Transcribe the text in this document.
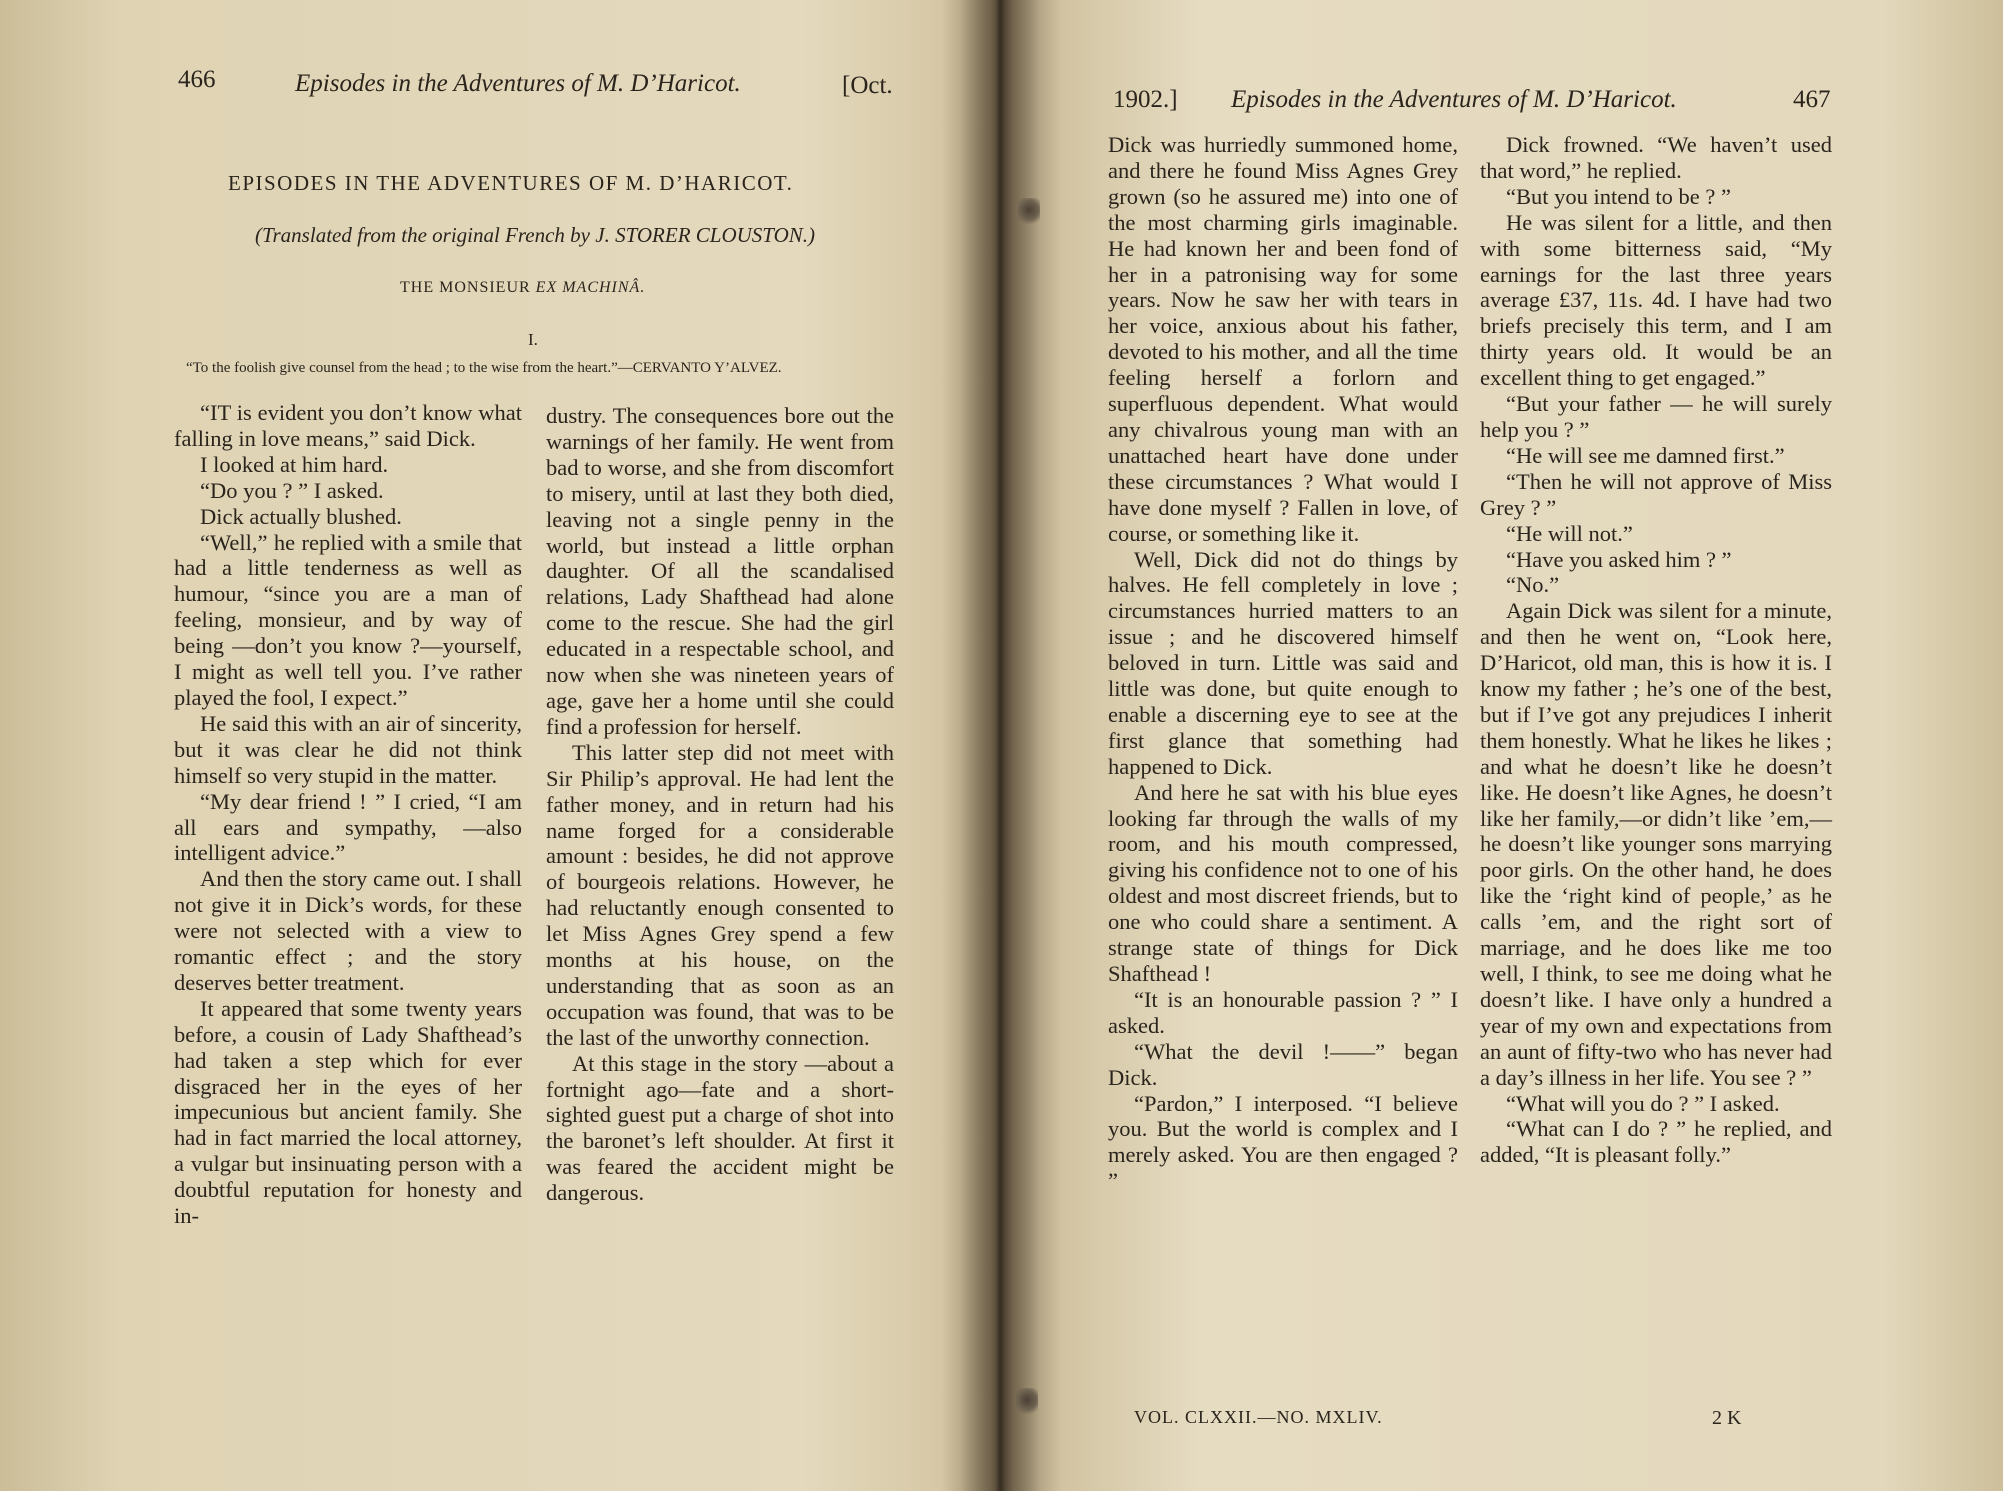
466	Episodes in the Adventures of M. D’Haricot.	[Oct.
EPISODES IN THE ADVENTURES OF M. D’HARICOT.
(Translated from the original French by J. STORER CLOUSTON.)
THE MONSIEUR EX MACHINÂ.
I.
“To the foolish give counsel from the head ; to the wise from the heart.”—CERVANTO Y’ALVEZ.

“IT is evident you don’t know what falling in love means,” said Dick.

I looked at him hard.

“Do you ? ” I asked.

Dick actually blushed.

“Well,” he replied with a smile that had a little tenderness as well as humour, “since you are a man of feeling, monsieur, and by way of being —don’t you know ?—yourself, I might as well tell you. I’ve rather played the fool, I expect.”

He said this with an air of sincerity, but it was clear he did not think himself so very stupid in the matter.

“My dear friend ! ” I cried, “I am all ears and sympathy, —also intelligent advice.”

And then the story came out. I shall not give it in Dick’s words, for these were not selected with a view to romantic effect ; and the story deserves better treatment.

It appeared that some twenty years before, a cousin of Lady Shafthead’s had taken a step which for ever disgraced her in the eyes of her impecunious but ancient family. She had in fact married the local attorney, a vulgar but insinuating person with a doubtful reputation for honesty and in-

dustry. The consequences bore out the warnings of her family. He went from bad to worse, and she from discomfort to misery, until at last they both died, leaving not a single penny in the world, but instead a little orphan daughter. Of all the scandalised relations, Lady Shafthead had alone come to the rescue. She had the girl educated in a respectable school, and now when she was nineteen years of age, gave her a home until she could find a profession for herself.

This latter step did not meet with Sir Philip’s approval. He had lent the father money, and in return had his name forged for a considerable amount : besides, he did not approve of bourgeois relations. However, he had reluctantly enough consented to let Miss Agnes Grey spend a few months at his house, on the understanding that as soon as an occupation was found, that was to be the last of the unworthy connection.

At this stage in the story —about a fortnight ago—fate and a short-sighted guest put a charge of shot into the baronet’s left shoulder. At first it was feared the accident might be dangerous.

1902.] Episodes in the Adventures of M. D’Haricot.	467

Dick was hurriedly summoned home, and there he found Miss Agnes Grey grown (so he assured me) into one of the most charming girls imaginable. He had known her and been fond of her in a patronising way for some years. Now he saw her with tears in her voice, anxious about his father, devoted to his mother, and all the time feeling herself a forlorn and superfluous dependent. What would any chivalrous young man with an unattached heart have done under these circumstances ? What would I have done myself ? Fallen in love, of course, or something like it.

Well, Dick did not do things by halves. He fell completely in love ; circumstances hurried matters to an issue ; and he discovered himself beloved in turn. Little was said and little was done, but quite enough to enable a discerning eye to see at the first glance that something had happened to Dick.

And here he sat with his blue eyes looking far through the walls of my room, and his mouth compressed, giving his confidence not to one of his oldest and most discreet friends, but to one who could share a sentiment. A strange state of things for Dick Shafthead !

“It is an honourable passion ? ” I asked.

“What the devil !——” began Dick.

“Pardon,” I interposed. “I believe you. But the world is complex and I merely asked. You are then engaged ? ”

Dick frowned. “We haven’t used that word,” he replied.

“But you intend to be ? ”

He was silent for a little, and then with some bitterness said, “My earnings for the last three years average £37, 11s. 4d. I have had two briefs precisely this term, and I am thirty years old. It would be an excellent thing to get engaged.”

“But your father — he will surely help you ? ”

“He will see me damned first.”

“Then he will not approve of Miss Grey ? ”

“He will not.”

“Have you asked him ? ”

“No.”

Again Dick was silent for a minute, and then he went on, “Look here, D’Haricot, old man, this is how it is. I know my father ; he’s one of the best, but if I’ve got any prejudices I inherit them honestly. What he likes he likes ; and what he doesn’t like he doesn’t like. He doesn’t like Agnes, he doesn’t like her family,—or didn’t like ’em,—he doesn’t like younger sons marrying poor girls. On the other hand, he does like the ‘right kind of people,’ as he calls ’em, and the right sort of marriage, and he does like me too well, I think, to see me doing what he doesn’t like. I have only a hundred a year of my own and expectations from an aunt of fifty-two who has never had a day’s illness in her life. You see ? ”

“What will you do ? ” I asked.

“What can I do ? ” he replied, and added, “It is pleasant folly.”

VOL. CLXXII.—NO. MXLIV.	2 K
